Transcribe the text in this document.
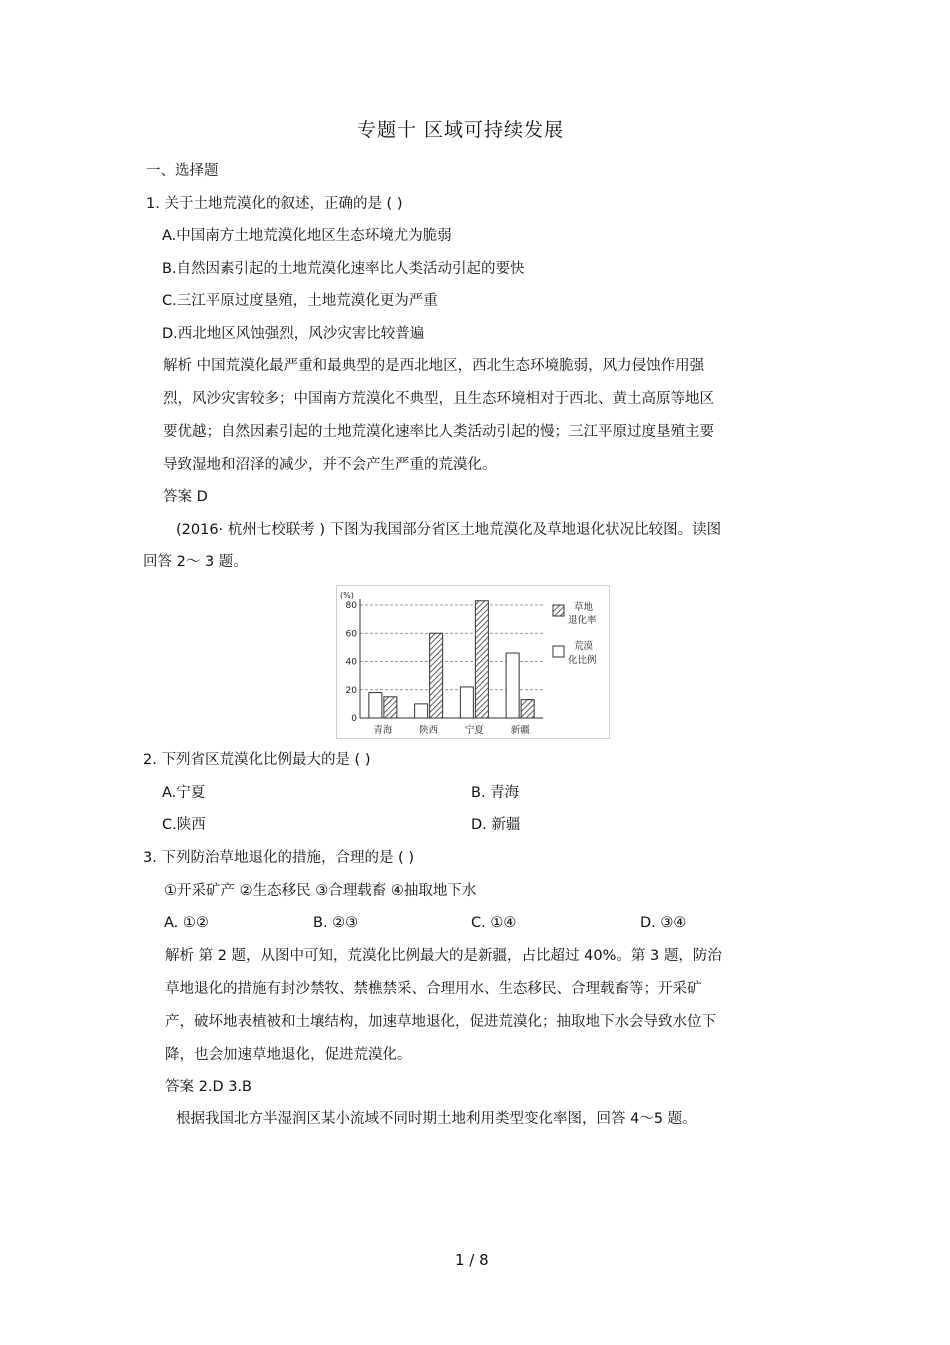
专题十 区域可持续发展
一、选择题
1. 关于土地荒漠化的叙述，正确的是 ( )
A.中国南方土地荒漠化地区生态环境尤为脆弱
B.自然因素引起的土地荒漠化速率比人类活动引起的要快
C.三江平原过度垦殖，土地荒漠化更为严重
D.西北地区风蚀强烈，风沙灾害比较普遍
解析 中国荒漠化最严重和最典型的是西北地区，西北生态环境脆弱，风力侵蚀作用强
烈，风沙灾害较多；中国南方荒漠化不典型，且生态环境相对于西北、黄土高原等地区
要优越；自然因素引起的土地荒漠化速率比人类活动引起的慢；三江平原过度垦殖主要
导致湿地和沼泽的减少，并不会产生严重的荒漠化。
答案 D
(2016· 杭州七校联考 ) 下图为我国部分省区土地荒漠化及草地退化状况比较图。读图
回答 2～ 3 题。
(%)
80
60
40
20
0
青海	陕西	宁夏	新疆
草地
退化率
荒漠
化比例
2. 下列省区荒漠化比例最大的是 ( )
A.宁夏	B. 青海
C.陕西	D. 新疆
3. 下列防治草地退化的措施，合理的是 ( )
①开采矿产 ②生态移民 ③合理载畜 ④抽取地下水
A. ①②	B. ②③	C. ①④	D. ③④
解析 第 2 题，从图中可知，荒漠化比例最大的是新疆，占比超过 40%。第 3 题，防治
草地退化的措施有封沙禁牧、禁樵禁采、合理用水、生态移民、合理载畜等；开采矿
产，破坏地表植被和土壤结构，加速草地退化，促进荒漠化；抽取地下水会导致水位下
降，也会加速草地退化，促进荒漠化。
答案 2.D 3.B
根据我国北方半湿润区某小流域不同时期土地利用类型变化率图，回答 4～5 题。
1 / 8
